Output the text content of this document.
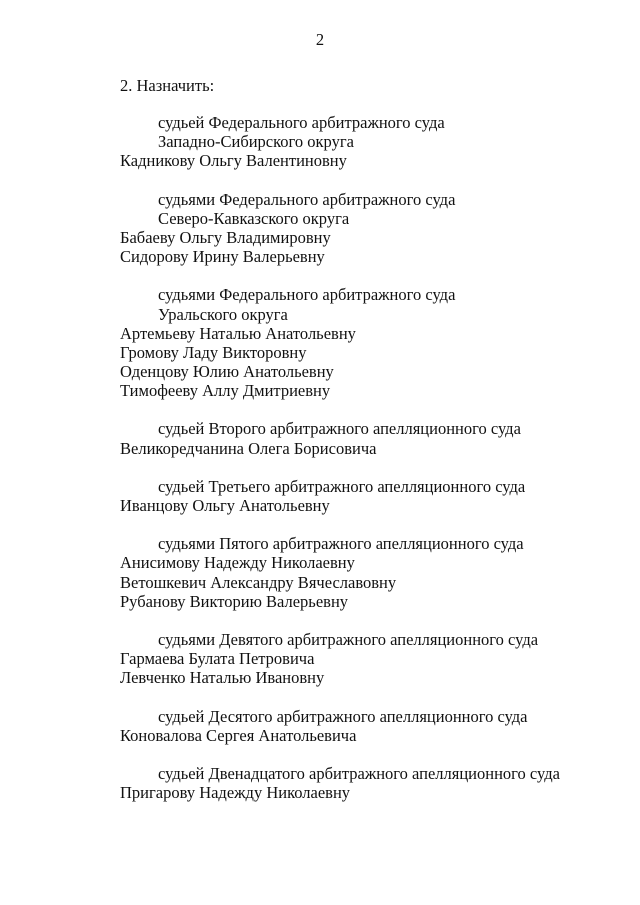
2
2. Назначить:
судьей Федерального арбитражного суда
Западно-Сибирского округа
Кадникову Ольгу Валентиновну
судьями Федерального арбитражного суда
Северо-Кавказского округа
Бабаеву Ольгу Владимировну
Сидорову Ирину Валерьевну
судьями Федерального арбитражного суда
Уральского округа
Артемьеву Наталью Анатольевну
Громову Ладу Викторовну
Оденцову Юлию Анатольевну
Тимофееву Аллу Дмитриевну
судьей Второго арбитражного апелляционного суда
Великоредчанина Олега Борисовича
судьей Третьего арбитражного апелляционного суда
Иванцову Ольгу Анатольевну
судьями Пятого арбитражного апелляционного суда
Анисимову Надежду Николаевну
Ветошкевич Александру Вячеславовну
Рубанову Викторию Валерьевну
судьями Девятого арбитражного апелляционного суда
Гармаева Булата Петровича
Левченко Наталью Ивановну
судьей Десятого арбитражного апелляционного суда
Коновалова Сергея Анатольевича
судьей Двенадцатого арбитражного апелляционного суда
Пригарову Надежду Николаевну
